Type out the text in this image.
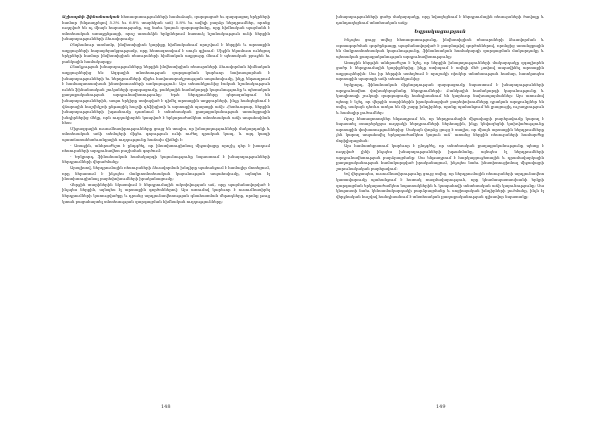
Աշխարհի ֆինանսական հետազոտությունների համաձայն, զարգացած եւ զարգացող երկրների համար (ենթադրելով 5.3% եւ 6.8% տարեկան աճ) 5.8% եւ ավելի բարձր ներդրումներ, որոնք ուղղված են ոչ միայն հարստությանը, այլ նաեւ կայուն զարգացմանը, որը հիմնական պայմանն է տնտեսական առաջընթացի, որոշ առանձին երկրներում հատուկ նշանակություն ունի ներքին խնայողությունների ձեւավորումը:

Ընդհանուր առմամբ, ինվեստիցիոն կարիքը հիմնականում որոշվում է ներքին և արտաքին աղբյուրների հարաբերակցությամբ, որը հետազոտվում է սույն գլխում: Միջին եկամուտ ունեցող երկրների համար ինվեստիցիոն ռեսուրսների հիմնական աղբյուրը մնում է պետական բյուջեն եւ բանկային համակարգը:

Բնակչության խնայողությունները ներքին ինվեստիցիոն ռեսուրսների ձեւավորման հիմնական աղբյուրներից են: Ազգային տնտեսության զարգացման կարեւոր նախապայման է խնայողությունների եւ ներդրումների միջեւ հավասարակշռության ապահովումը, ինչը ենթադրում է համապատասխան ինստիտուտների առկայություն: Այս տեսանկյունից էական նշանակություն ունեն ֆինանսական շուկաների զարգացումը, բանկային համակարգի կայունությունը և պետական քաղաքականության արդյունավետությունը: Եթե ներդրումները գերազանցում են խնայողություններին, ապա երկիրը ստիպված է դիմել արտաքին աղբյուրների, ինչը հանգեցնում է վճարային հաշվեկշռի ընթացիկ հաշվի դեֆիցիտի և արտաքին պարտքի աճի: Հետեւաբար, ներքին խնայողությունների խթանումը դառնում է տնտեսական քաղաքականության առանցքային խնդիրներից մեկը, որն ուղղակիորեն կապված է երկարաժամկետ տնտեսական աճի ապահովման հետ:

Միջազգային ուսումնասիրությունները ցույց են տալիս, որ խնայողությունների մակարդակի և տնտեսական աճի տեմպերի միջեւ գոյություն ունի ուժեղ դրական կապ, և այդ կապի պատճառահետեւանքային ուղղությունը հաճախ վիճելի է:

- Առաջին, անհրաժեշտ է ընդգծել, որ ինստիտուցիոնալ միջավայրը որոշիչ դեր է խաղում ռեսուրսների արդյունավետ բաշխման գործում:

- Երկրորդ, ֆինանսական համակարգի կայունությունը նպաստում է խնայողությունների ներդրումների վերածմանը:

Այսպիսով, ներդրումային ռեսուրսների ձեւավորման խնդիրը պահանջում է համալիր մոտեցում, որը ներառում է ինչպես մակրոտնտեսական կայունության ապահովումը, այնպես էլ ինստիտուցիոնալ բարեփոխումների իրականացումը:

Վերջին տարիներին նկատվում է ներդրումային ակտիվության աճ, որը պայմանավորված է ինչպես ներքին, այնպես էլ արտաքին գործոններով: Այս առումով կարեւոր է ուսումնասիրել ներդրումների կառուցվածքը և դրանց արդյունավետության գնահատման մեթոդները, որոնք թույլ կտան բացահայտել տնտեսության զարգացման հիմնական ուղղությունները:

148

խնայողությունների ցածր մակարդակը, որը նվազեցնում է ներդրումային ռեսուրսների ծավալը և դանդաղեցնում տնտեսական աճը:

Եզրակացություն

Ինչպես ցույց տվեց հետազոտությունը, ինվեստիցիոն ռեսուրսների ձեւավորման և օգտագործման գործընթացը պայմանավորված է բազմաթիվ գործոններով, որոնցից առանցքային են մակրոտնտեսական կայունությունը, ֆինանսական համակարգի զարգացման մակարդակը և պետական քաղաքականության արդյունավետությունը:

Առաջին հերթին անհրաժեշտ է նշել, որ ներքին խնայողությունների մակարդակը զգալիորեն ցածր է ներդրումային կարիքներից, ինչը ստիպում է ավելի մեծ չափով ապավինել արտաքին աղբյուրներին: Սա իր հերթին ստեղծում է որոշակի ռիսկեր տնտեսության համար, հատկապես արտաքին պարտքի աճի տեսանկյունից:

Երկրորդ, ֆինանսական միջնորդության զարգացումը նպաստում է խնայողությունների արդյունավետ փոխակերպմանը ներդրումների: Բանկային համակարգի կայունությունը և կապիտալի շուկայի զարգացումը հանդիսանում են կարեւոր նախապայմաններ: Այս առումով պետք է նշել, որ վերջին տարիներին իրականացված բարեփոխումները դրական արդյունքներ են տվել, սակայն դեռևս առկա են մի շարք խնդիրներ, որոնք պահանջում են լրացուցիչ ուշադրություն և համալիր լուծումներ:

Որոշ հետազոտողներ ենթադրում են, որ ներդրումային միջավայրի բարելավումը կարող է նպաստել օտարերկրյա ուղղակի ներդրումների ներհոսքին, ինչը կնվազեցնի կախվածությունը արտաքին փոխառություններից: Սակայն փորձը ցույց է տալիս, որ միայն արտաքին ներդրումները չեն կարող ապահովել երկարաժամկետ կայուն աճ՝ առանց ներքին ռեսուրսների համարժեք մոբիլիզացման:

Այս համատեքստում կարեւոր է ընդգծել, որ տնտեսական քաղաքականությունը պետք է ուղղված լինի ինչպես խնայողությունների խթանմանը, այնպես էլ ներդրումների արդյունավետության բարձրացմանը: Սա ենթադրում է հարկաբյուջետային և դրամավարկային քաղաքականության համակարգված իրականացում, ինչպես նաեւ ինստիտուցիոնալ միջավայրի շարունակական բարելավում:

Եվ վերջապես, ուսումնասիրությունը ցույց տվեց, որ ներդրումային ռեսուրսների արդյունավետ կառավարումը պահանջում է հստակ ռազմավարություն, որը կհամապատասխանի երկրի զարգացման երկարաժամկետ նպատակներին և կապահովի տնտեսական աճի կայունությունը: Սա կնպաստի նաեւ կենսամակարդակի բարձրացմանը և սոցիալական խնդիրների լուծմանը, ինչն էլ վերջնական հաշվով հանդիսանում է տնտեսական քաղաքականության գլխավոր նպատակը:

149
